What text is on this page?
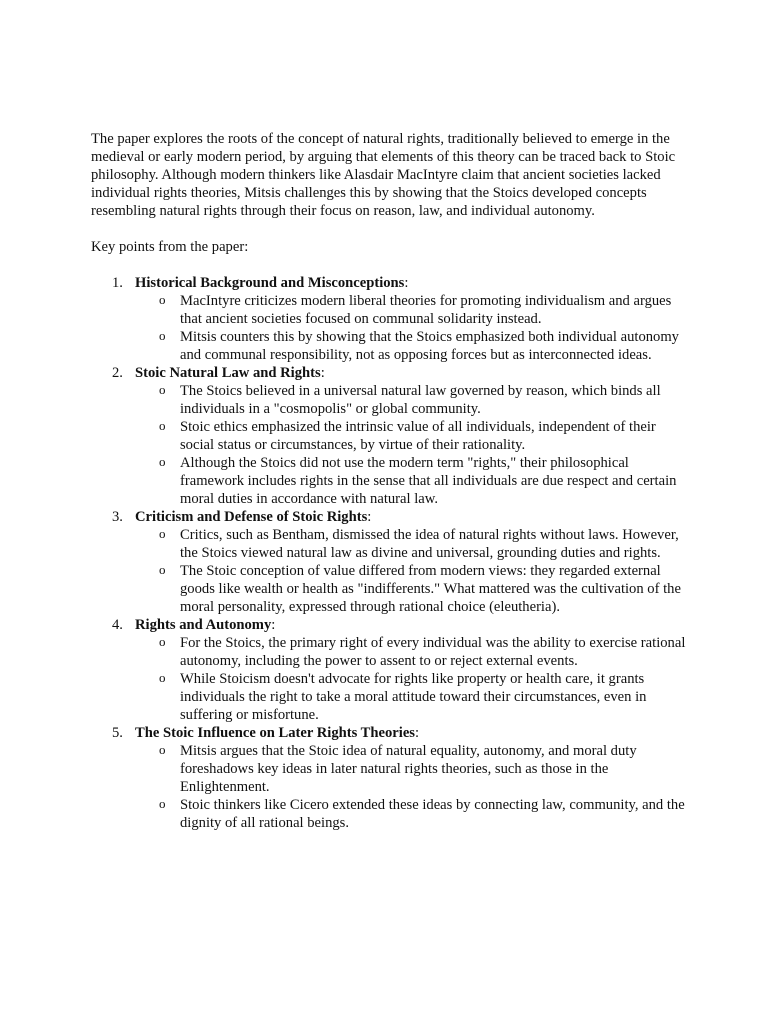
The paper explores the roots of the concept of natural rights, traditionally believed to emerge in the medieval or early modern period, by arguing that elements of this theory can be traced back to Stoic philosophy. Although modern thinkers like Alasdair MacIntyre claim that ancient societies lacked individual rights theories, Mitsis challenges this by showing that the Stoics developed concepts resembling natural rights through their focus on reason, law, and individual autonomy.

Key points from the paper:

1. Historical Background and Misconceptions:
o MacIntyre criticizes modern liberal theories for promoting individualism and argues that ancient societies focused on communal solidarity instead.
o Mitsis counters this by showing that the Stoics emphasized both individual autonomy and communal responsibility, not as opposing forces but as interconnected ideas.
2. Stoic Natural Law and Rights:
o The Stoics believed in a universal natural law governed by reason, which binds all individuals in a "cosmopolis" or global community.
o Stoic ethics emphasized the intrinsic value of all individuals, independent of their social status or circumstances, by virtue of their rationality.
o Although the Stoics did not use the modern term "rights," their philosophical framework includes rights in the sense that all individuals are due respect and certain moral duties in accordance with natural law.
3. Criticism and Defense of Stoic Rights:
o Critics, such as Bentham, dismissed the idea of natural rights without laws. However, the Stoics viewed natural law as divine and universal, grounding duties and rights.
o The Stoic conception of value differed from modern views: they regarded external goods like wealth or health as "indifferents." What mattered was the cultivation of the moral personality, expressed through rational choice (eleutheria).
4. Rights and Autonomy:
o For the Stoics, the primary right of every individual was the ability to exercise rational autonomy, including the power to assent to or reject external events.
o While Stoicism doesn't advocate for rights like property or health care, it grants individuals the right to take a moral attitude toward their circumstances, even in suffering or misfortune.
5. The Stoic Influence on Later Rights Theories:
o Mitsis argues that the Stoic idea of natural equality, autonomy, and moral duty foreshadows key ideas in later natural rights theories, such as those in the Enlightenment.
o Stoic thinkers like Cicero extended these ideas by connecting law, community, and the dignity of all rational beings.
